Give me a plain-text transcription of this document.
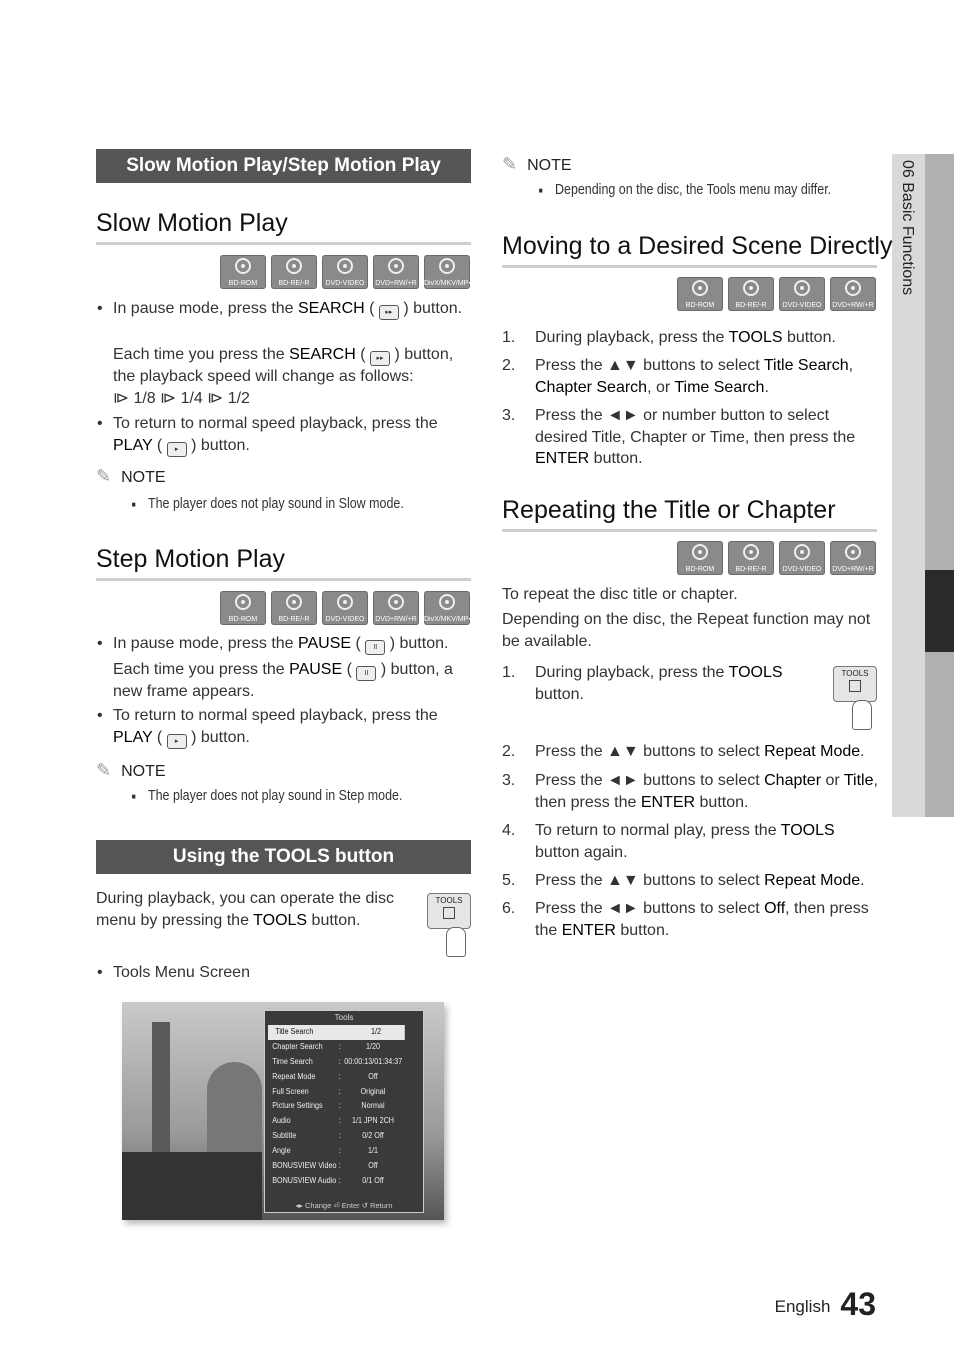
06 Basic Functions
Slow Motion Play/Step Motion Play
Slow Motion Play
BD-ROM	BD-RE/-R	DVD-VIDEO	DVD+RW/+R	DivX/MKV/MP4
• In pause mode, press the SEARCH ( ▸▸ ) button.
Each time you press the SEARCH ( ▸▸ ) button, the playback speed will change as follows:
⧐ 1/8 ⧐ 1/4 ⧐ 1/2
• To return to normal speed playback, press the PLAY ( ▸ ) button.
✎ NOTE
■ The player does not play sound in Slow mode.
Step Motion Play
BD-ROM	BD-RE/-R	DVD-VIDEO	DVD+RW/+R	DivX/MKV/MP4
• In pause mode, press the PAUSE ( II ) button.
Each time you press the PAUSE ( II ) button, a new frame appears.
• To return to normal speed playback, press the PLAY ( ▸ ) button.
✎ NOTE
■ The player does not play sound in Step mode.
Using the TOOLS button
During playback, you can operate the disc menu by pressing the TOOLS button.
TOOLS
• Tools Menu Screen
Tools
Title Search	1/2
Chapter Search :	1/20
Time Search	: 00:00:13/01:34:37
Repeat Mode	:	Off
Full Screen	:	Original
Picture Settings :	Normal
Audio	:	1/1 JPN 2CH
Subtitle	:	0/2 Off
Angle	:	1/1
BONUSVIEW Video :	Off
BONUSVIEW Audio :	0/1 Off
◂▸ Change ⏎ Enter ↺ Return
✎ NOTE
■ Depending on the disc, the Tools menu may differ.
Moving to a Desired Scene Directly
BD-ROM	BD-RE/-R	DVD-VIDEO	DVD+RW/+R
1. During playback, press the TOOLS button.
2. Press the ▲▼ buttons to select Title Search, Chapter Search, or Time Search.
3. Press the ◄► or number button to select desired Title, Chapter or Time, then press the ENTER button.
Repeating the Title or Chapter
BD-ROM	BD-RE/-R	DVD-VIDEO	DVD+RW/+R
To repeat the disc title or chapter.
Depending on the disc, the Repeat function may not be available.
1. During playback, press the TOOLS button.
TOOLS
2. Press the ▲▼ buttons to select Repeat Mode.
3. Press the ◄► buttons to select Chapter or Title, then press the ENTER button.
4. To return to normal play, press the TOOLS button again.
5. Press the ▲▼ buttons to select Repeat Mode.
6. Press the ◄► buttons to select Off, then press the ENTER button.
English 43
